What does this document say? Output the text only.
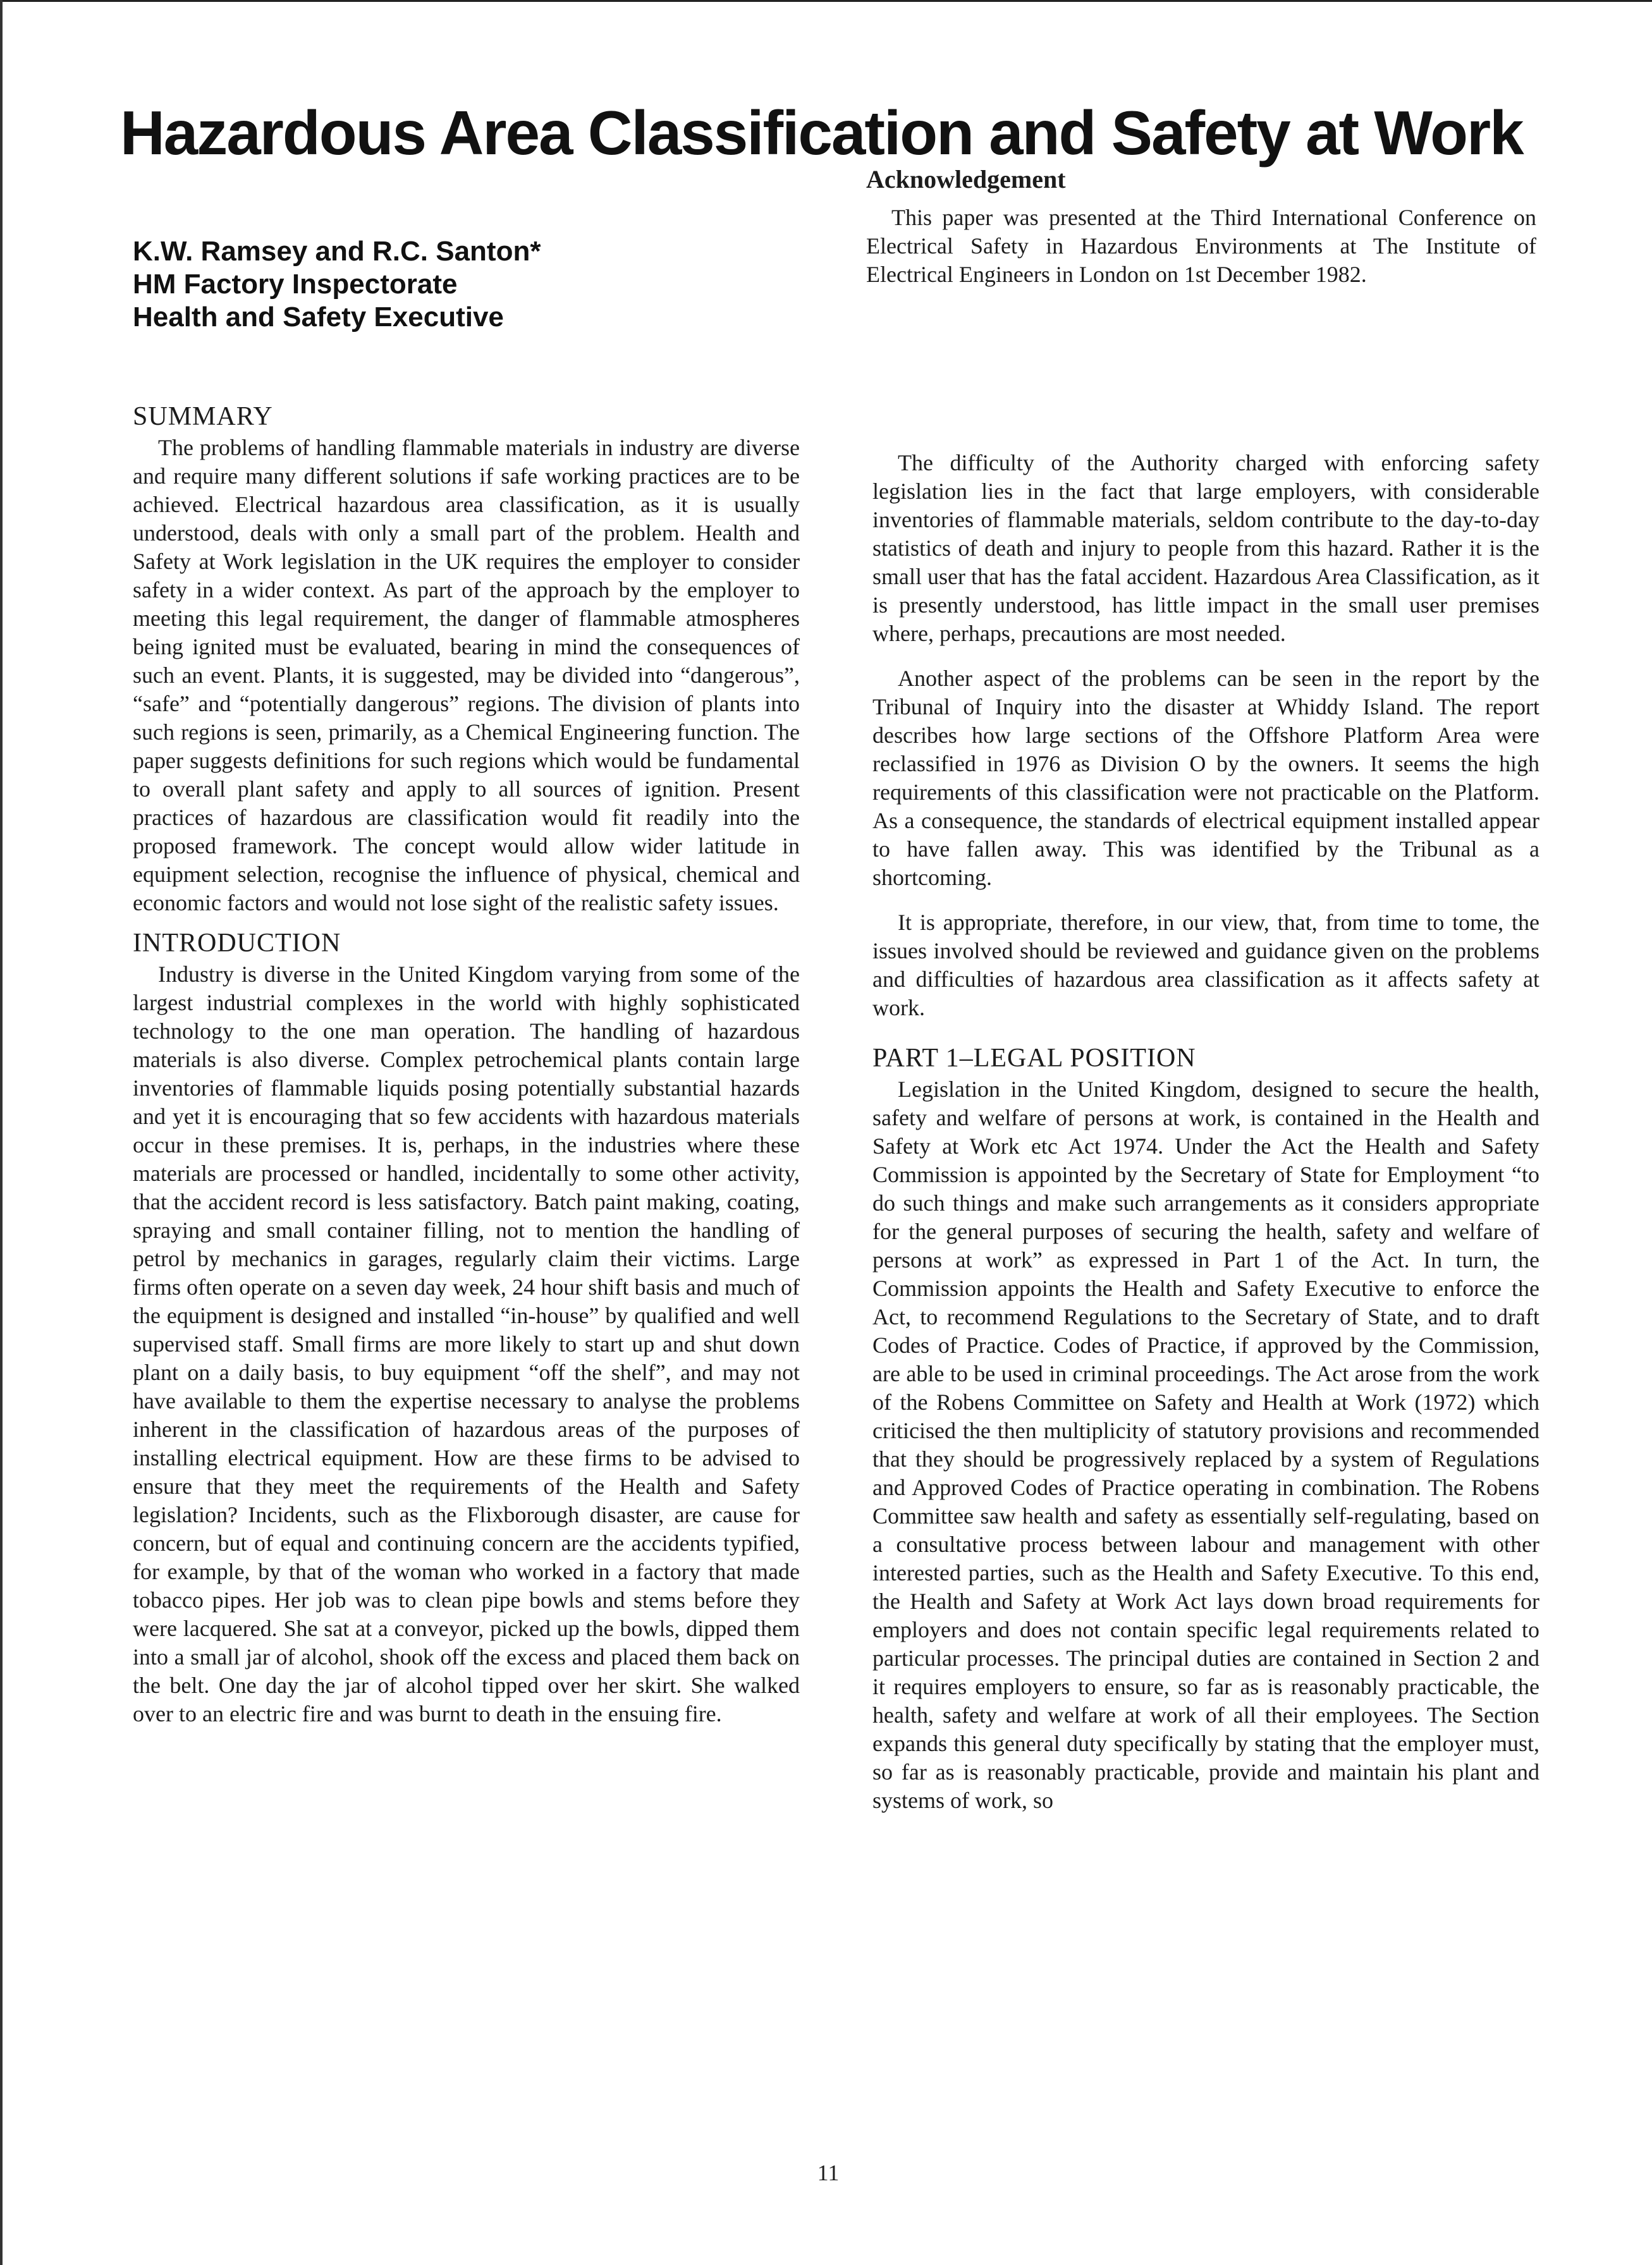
Hazardous Area Classification and Safety at Work
K.W. Ramsey and R.C. Santon*
HM Factory Inspectorate
Health and Safety Executive
Acknowledgement

This paper was presented at the Third International Conference on Electrical Safety in Hazardous Environments at The Institute of Electrical Engineers in London on 1st December 1982.

SUMMARY

The problems of handling flammable materials in industry are diverse and require many different solutions if safe working practices are to be achieved. Electrical hazardous area classification, as it is usually understood, deals with only a small part of the problem. Health and Safety at Work legislation in the UK requires the employer to consider safety in a wider context. As part of the approach by the employer to meeting this legal requirement, the danger of flammable atmospheres being ignited must be evaluated, bearing in mind the consequences of such an event. Plants, it is suggested, may be divided into “dangerous”, “safe” and “potentially dangerous” regions. The division of plants into such regions is seen, primarily, as a Chemical Engineering function. The paper suggests definitions for such regions which would be fundamental to overall plant safety and apply to all sources of ignition. Present practices of hazardous are classification would fit readily into the proposed framework. The concept would allow wider latitude in equipment selection, recognise the influence of physical, chemical and economic factors and would not lose sight of the realistic safety issues.

INTRODUCTION

Industry is diverse in the United Kingdom varying from some of the largest industrial complexes in the world with highly sophisticated technology to the one man operation. The handling of hazardous materials is also diverse. Complex petrochemical plants contain large inventories of flammable liquids posing potentially substantial hazards and yet it is encouraging that so few accidents with hazardous materials occur in these premises. It is, perhaps, in the industries where these materials are processed or handled, incidentally to some other activity, that the accident record is less satisfactory. Batch paint making, coating, spraying and small container filling, not to mention the handling of petrol by mechanics in garages, regularly claim their victims. Large firms often operate on a seven day week, 24 hour shift basis and much of the equipment is designed and installed “in-house” by qualified and well supervised staff. Small firms are more likely to start up and shut down plant on a daily basis, to buy equipment “off the shelf”, and may not have available to them the expertise necessary to analyse the problems inherent in the classification of hazardous areas of the purposes of installing electrical equipment. How are these firms to be advised to ensure that they meet the requirements of the Health and Safety legislation? Incidents, such as the Flixborough disaster, are cause for concern, but of equal and continuing concern are the accidents typified, for example, by that of the woman who worked in a factory that made tobacco pipes. Her job was to clean pipe bowls and stems before they were lacquered. She sat at a conveyor, picked up the bowls, dipped them into a small jar of alcohol, shook off the excess and placed them back on the belt. One day the jar of alcohol tipped over her skirt. She walked over to an electric fire and was burnt to death in the ensuing fire.

The difficulty of the Authority charged with enforcing safety legislation lies in the fact that large employers, with considerable inventories of flammable materials, seldom contribute to the day-to-day statistics of death and injury to people from this hazard. Rather it is the small user that has the fatal accident. Hazardous Area Classification, as it is presently understood, has little impact in the small user premises where, perhaps, precautions are most needed.

Another aspect of the problems can be seen in the report by the Tribunal of Inquiry into the disaster at Whiddy Island. The report describes how large sections of the Offshore Platform Area were reclassified in 1976 as Division O by the owners. It seems the high requirements of this classification were not practicable on the Platform. As a consequence, the standards of electrical equipment installed appear to have fallen away. This was identified by the Tribunal as a shortcoming.

It is appropriate, therefore, in our view, that, from time to tome, the issues involved should be reviewed and guidance given on the problems and difficulties of hazardous area classification as it affects safety at work.

PART 1–LEGAL POSITION

Legislation in the United Kingdom, designed to secure the health, safety and welfare of persons at work, is contained in the Health and Safety at Work etc Act 1974. Under the Act the Health and Safety Commission is appointed by the Secretary of State for Employment “to do such things and make such arrangements as it considers appropriate for the general purposes of securing the health, safety and welfare of persons at work” as expressed in Part 1 of the Act. In turn, the Commission appoints the Health and Safety Executive to enforce the Act, to recommend Regulations to the Secretary of State, and to draft Codes of Practice. Codes of Practice, if approved by the Commission, are able to be used in criminal proceedings. The Act arose from the work of the Robens Committee on Safety and Health at Work (1972) which criticised the then multiplicity of statutory provisions and recommended that they should be progressively replaced by a system of Regulations and Approved Codes of Practice operating in combination. The Robens Committee saw health and safety as essentially self-regulating, based on a consultative process between labour and management with other interested parties, such as the Health and Safety Executive. To this end, the Health and Safety at Work Act lays down broad requirements for employers and does not contain specific legal requirements related to particular processes. The principal duties are contained in Section 2 and it requires employers to ensure, so far as is reasonably practicable, the health, safety and welfare at work of all their employees. The Section expands this general duty specifically by stating that the employer must, so far as is reasonably practicable, provide and maintain his plant and systems of work, so

11
